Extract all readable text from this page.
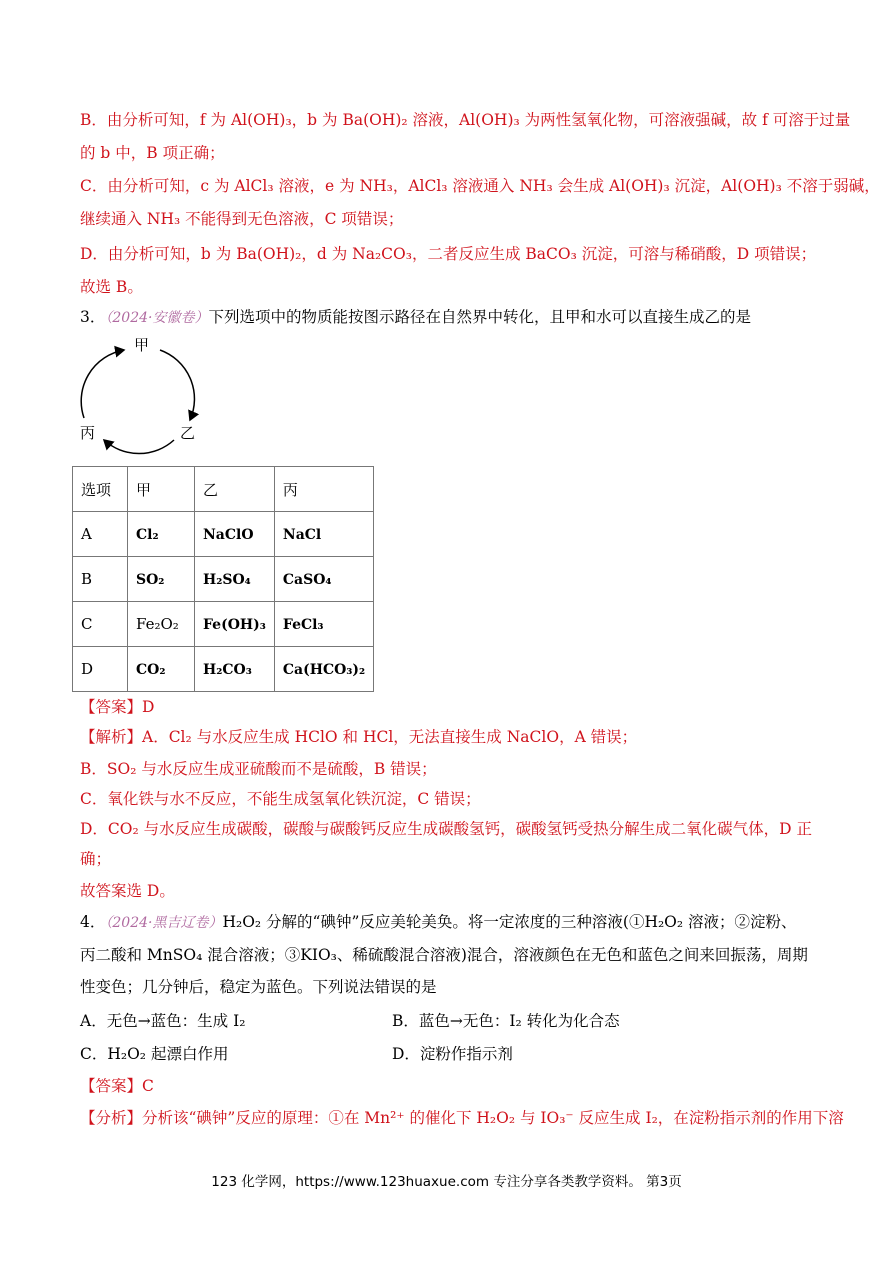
B．由分析可知，f 为 Al(OH)₃，b 为 Ba(OH)₂ 溶液，Al(OH)₃ 为两性氢氧化物，可溶液强碱，故 f 可溶于过量
的 b 中，B 项正确；
C．由分析可知，c 为 AlCl₃ 溶液，e 为 NH₃，AlCl₃ 溶液通入 NH₃ 会生成 Al(OH)₃ 沉淀，Al(OH)₃ 不溶于弱碱，
继续通入 NH₃ 不能得到无色溶液，C 项错误；
D．由分析可知，b 为 Ba(OH)₂，d 为 Na₂CO₃，二者反应生成 BaCO₃ 沉淀，可溶与稀硝酸，D 项错误；
故选 B。
3．（2024·安徽卷）下列选项中的物质能按图示路径在自然界中转化，且甲和水可以直接生成乙的是
甲
乙
丙
选项	甲	乙	丙
A	Cl₂	NaClO	NaCl
B	SO₂	H₂SO₄	CaSO₄
C	Fe₂O₂	Fe(OH)₃	FeCl₃
D	CO₂	H₂CO₃	Ca(HCO₃)₂
【答案】D
【解析】A．Cl₂ 与水反应生成 HClO 和 HCl，无法直接生成 NaClO，A 错误；
B．SO₂ 与水反应生成亚硫酸而不是硫酸，B 错误；
C．氧化铁与水不反应，不能生成氢氧化铁沉淀，C 错误；
D．CO₂ 与水反应生成碳酸，碳酸与碳酸钙反应生成碳酸氢钙，碳酸氢钙受热分解生成二氧化碳气体，D 正
确；
故答案选 D。
4．（2024·黑吉辽卷）H₂O₂ 分解的“碘钟”反应美轮美奂。将一定浓度的三种溶液(①H₂O₂ 溶液；②淀粉、
丙二酸和 MnSO₄ 混合溶液；③KIO₃、稀硫酸混合溶液)混合，溶液颜色在无色和蓝色之间来回振荡，周期
性变色；几分钟后，稳定为蓝色。下列说法错误的是
A．无色→蓝色：生成 I₂	B．蓝色→无色：I₂ 转化为化合态
C．H₂O₂ 起漂白作用	D．淀粉作指示剂
【答案】C
【分析】分析该“碘钟”反应的原理：①在 Mn²⁺ 的催化下 H₂O₂ 与 IO₃⁻ 反应生成 I₂，在淀粉指示剂的作用下溶
123 化学网，https://www.123huaxue.com 专注分享各类教学资料。 第3页
